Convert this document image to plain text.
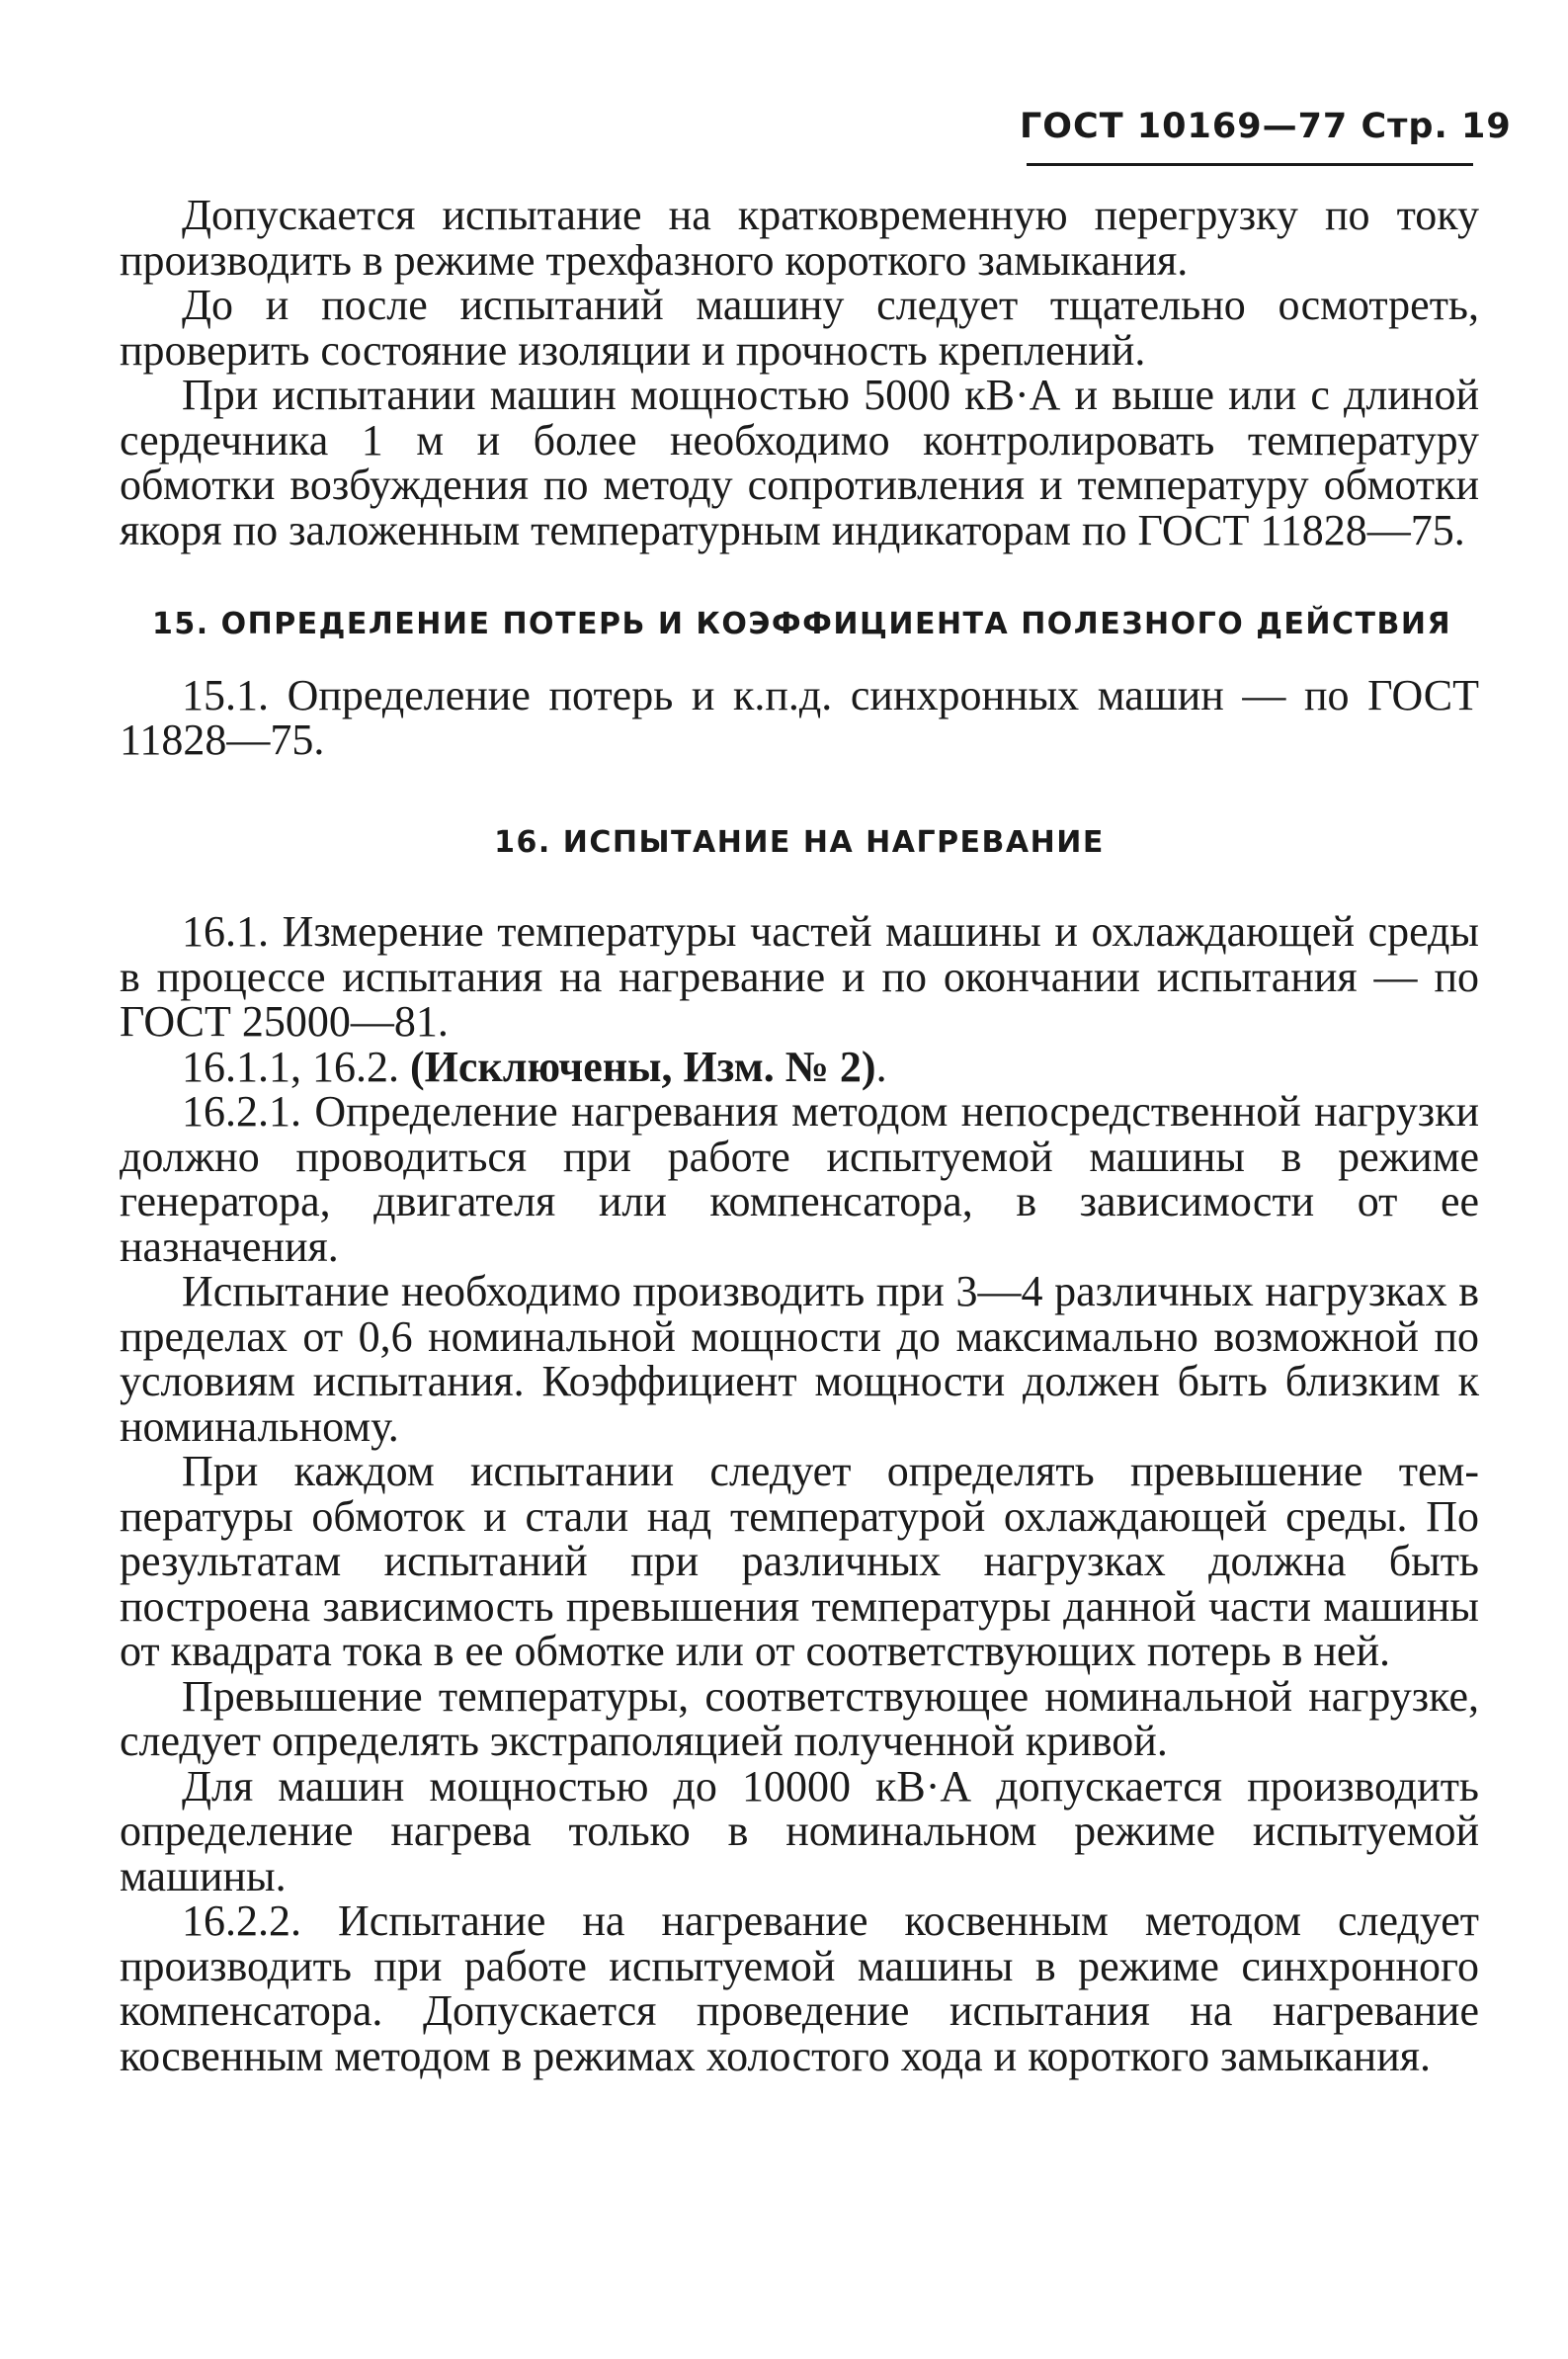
ГОСТ 10169—77 Стр. 19

Допускается испытание на кратковременную перегрузку по току производить в режиме трехфазного короткого замыкания.

До и после испытаний машину следует тщательно осмотреть, проверить состояние изоляции и прочность креплений.

При испытании машин мощностью 5000 кВ·А и выше или с длиной сердечника 1 м и более необходимо контролировать температуру обмотки возбуждения по методу сопротивления и температуру обмотки якоря по заложенным температурным индикаторам по ГОСТ 11828—75.

15. ОПРЕДЕЛЕНИЕ ПОТЕРЬ И КОЭФФИЦИЕНТА ПОЛЕЗНОГО ДЕЙСТВИЯ

15.1. Определение потерь и к.п.д. синхронных машин — по ГОСТ 11828—75.

16. ИСПЫТАНИЕ НА НАГРЕВАНИЕ

16.1. Измерение температуры частей машины и охлаждающей среды в процессе испытания на нагревание и по окончании испытания — по ГОСТ 25000—81.

16.1.1, 16.2. (Исключены, Изм. № 2).

16.2.1. Определение нагревания методом непосредственной нагрузки должно проводиться при работе испытуемой машины в режиме генератора, двигателя или компенсатора, в зависимости от ее назначения.

Испытание необходимо производить при 3—4 различных нагрузках в пределах от 0,6 номинальной мощности до максимально возможной по условиям испытания. Коэффициент мощности должен быть близким к номинальному.

При каждом испытании следует определять превышение температуры обмоток и стали над температурой охлаждающей среды. По результатам испытаний при различных нагрузках должна быть построена зависимость превышения температуры данной части машины от квадрата тока в ее обмотке или от соответствующих потерь в ней.

Превышение температуры, соответствующее номинальной нагрузке, следует определять экстраполяцией полученной кривой.

Для машин мощностью до 10000 кВ·А допускается производить определение нагрева только в номинальном режиме испытуемой машины.

16.2.2. Испытание на нагревание косвенным методом следует производить при работе испытуемой машины в режиме синхронного компенсатора. Допускается проведение испытания на нагревание косвенным методом в режимах холостого хода и короткого замыкания.
